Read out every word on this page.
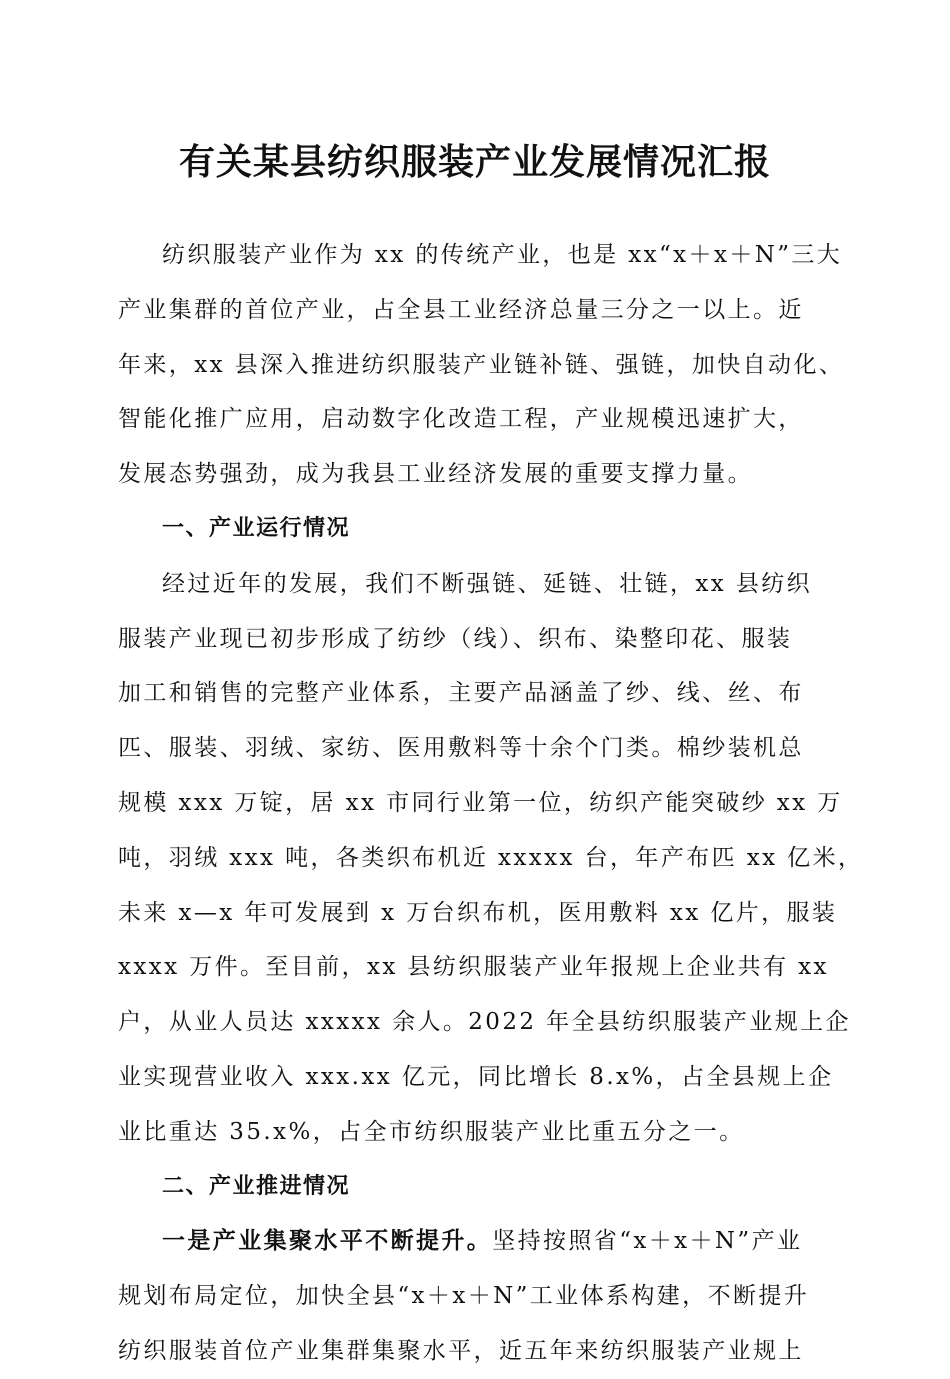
有关某县纺织服装产业发展情况汇报
纺织服装产业作为 xx 的传统产业，也是 xx“x＋x＋N”三大
产业集群的首位产业，占全县工业经济总量三分之一以上。近
年来，xx 县深入推进纺织服装产业链补链、强链，加快自动化、
智能化推广应用，启动数字化改造工程，产业规模迅速扩大，
发展态势强劲，成为我县工业经济发展的重要支撑力量。
一、产业运行情况
经过近年的发展，我们不断强链、延链、壮链，xx 县纺织
服装产业现已初步形成了纺纱（线）、织布、染整印花、服装
加工和销售的完整产业体系，主要产品涵盖了纱、线、丝、布
匹、服装、羽绒、家纺、医用敷料等十余个门类。棉纱装机总
规模 xxx 万锭，居 xx 市同行业第一位，纺织产能突破纱 xx 万
吨，羽绒 xxx 吨，各类织布机近 xxxxx 台，年产布匹 xx 亿米，
未来 x—x 年可发展到 x 万台织布机，医用敷料 xx 亿片，服装
xxxx 万件。至目前，xx 县纺织服装产业年报规上企业共有 xx
户，从业人员达 xxxxx 余人。2022 年全县纺织服装产业规上企
业实现营业收入 xxx.xx 亿元，同比增长 8.x%，占全县规上企
业比重达 35.x%，占全市纺织服装产业比重五分之一。
二、产业推进情况
一是产业集聚水平不断提升。坚持按照省“x＋x＋N”产业
规划布局定位，加快全县“x＋x＋N”工业体系构建，不断提升
纺织服装首位产业集群集聚水平，近五年来纺织服装产业规上
